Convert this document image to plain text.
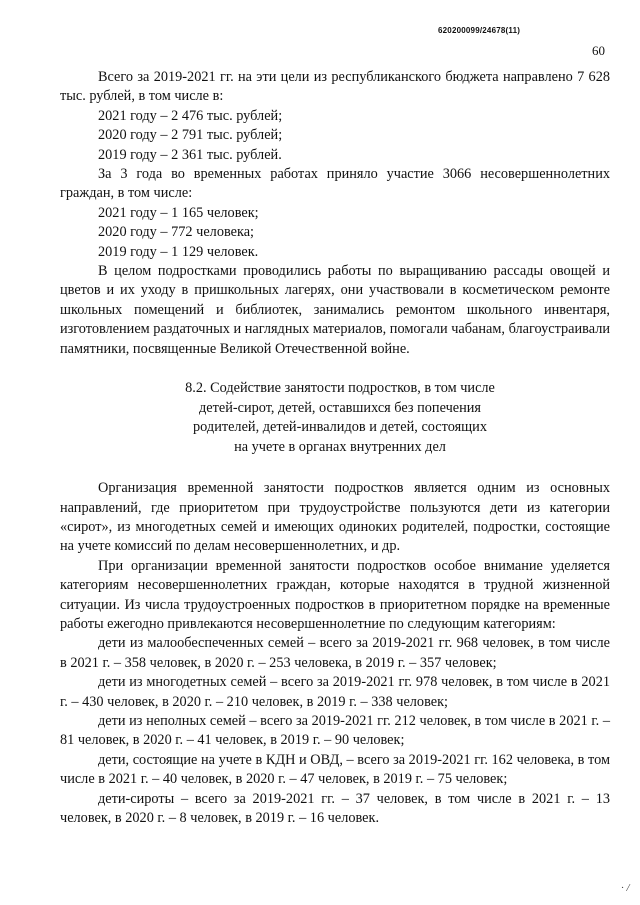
620200099/24678(11)
60

Всего за 2019-2021 гг. на эти цели из республиканского бюджета направлено 7 628 тыс. рублей, в том числе в:

2021 году – 2 476 тыс. рублей;

2020 году – 2 791 тыс. рублей;

2019 году – 2 361 тыс. рублей.

За 3 года во временных работах приняло участие 3066 несовершеннолетних граждан, в том числе:

2021 году – 1 165 человек;

2020 году – 772 человека;

2019 году – 1 129 человек.

В целом подростками проводились работы по выращиванию рассады овощей и цветов и их уходу в пришкольных лагерях, они участвовали в косметическом ремонте школьных помещений и библиотек, занимались ремонтом школьного инвентаря, изготовлением раздаточных и наглядных материалов, помогали чабанам, благоустраивали памятники, посвященные Великой Отечественной войне.

8.2. Содействие занятости подростков, в том числе
детей-сирот, детей, оставшихся без попечения
родителей, детей-инвалидов и детей, состоящих
на учете в органах внутренних дел

Организация временной занятости подростков является одним из основных направлений, где приоритетом при трудоустройстве пользуются дети из категории «сирот», из многодетных семей и имеющих одиноких родителей, подростки, состоящие на учете комиссий по делам несовершеннолетних, и др.

При организации временной занятости подростков особое внимание уделяется категориям несовершеннолетних граждан, которые находятся в трудной жизненной ситуации. Из числа трудоустроенных подростков в приоритетном порядке на временные работы ежегодно привлекаются несовершеннолетние по следующим категориям:

дети из малообеспеченных семей – всего за 2019-2021 гг. 968 человек, в том числе в 2021 г. – 358 человек, в 2020 г. – 253 человека, в 2019 г. – 357 человек;

дети из многодетных семей – всего за 2019-2021 гг. 978 человек, в том числе в 2021 г. – 430 человек, в 2020 г. – 210 человек, в 2019 г. – 338 человек;

дети из неполных семей – всего за 2019-2021 гг. 212 человек, в том числе в 2021 г. – 81 человек, в 2020 г. – 41 человек, в 2019 г. – 90 человек;

дети, состоящие на учете в КДН и ОВД, – всего за 2019-2021 гг. 162 человека, в том числе в 2021 г. – 40 человек, в 2020 г. – 47 человек, в 2019 г. – 75 человек;

дети-сироты – всего за 2019-2021 гг. – 37 человек, в том числе в 2021 г. – 13 человек, в 2020 г. – 8 человек, в 2019 г. – 16 человек.

· /
